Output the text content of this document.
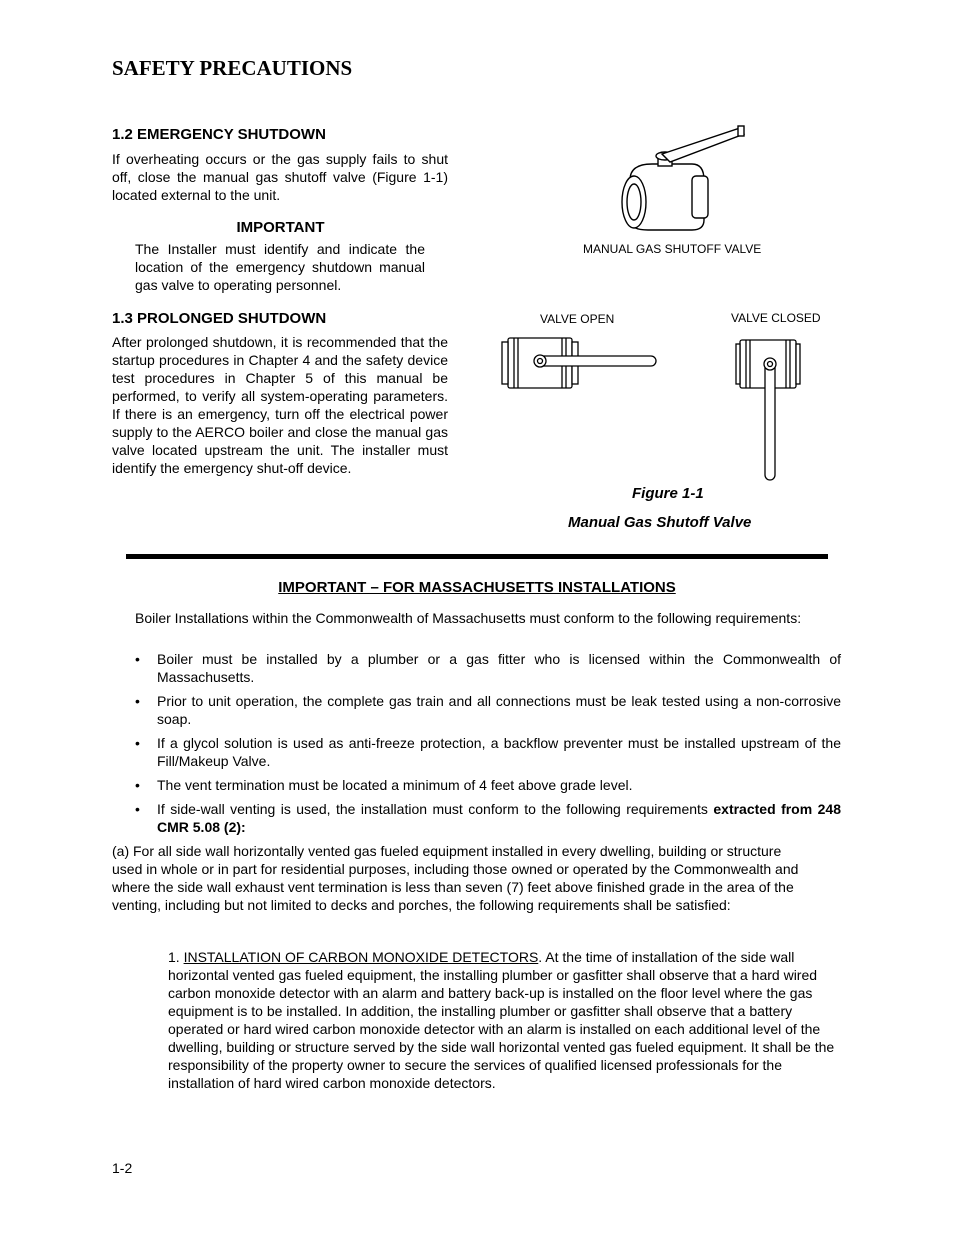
SAFETY PRECAUTIONS
1.2 EMERGENCY SHUTDOWN
If overheating occurs or the gas supply fails to shut off, close the manual gas shutoff valve (Figure 1-1) located external to the unit.
IMPORTANT
The Installer must identify and indicate the location of the emergency shutdown manual gas valve to operating personnel.
1.3 PROLONGED SHUTDOWN
After prolonged shutdown, it is recommended that the startup procedures in Chapter 4 and the safety device test procedures in Chapter 5 of this manual be performed, to verify all system-operating parameters. If there is an emergency, turn off the electrical power supply to the AERCO boiler and close the manual gas valve located upstream the unit. The installer must identify the emergency shut-off device.
MANUAL GAS SHUTOFF VALVE
VALVE OPEN	VALVE CLOSED
Figure 1-1
Manual Gas Shutoff Valve
IMPORTANT – FOR MASSACHUSETTS INSTALLATIONS
Boiler Installations within the Commonwealth of Massachusetts must conform to the following requirements:
• Boiler must be installed by a plumber or a gas fitter who is licensed within the Commonwealth of Massachusetts.
• Prior to unit operation, the complete gas train and all connections must be leak tested using a non-corrosive soap.
• If a glycol solution is used as anti-freeze protection, a backflow preventer must be installed upstream of the Fill/Makeup Valve.
• The vent termination must be located a minimum of 4 feet above grade level.
• If side-wall venting is used, the installation must conform to the following requirements extracted from 248 CMR 5.08 (2):
(a) For all side wall horizontally vented gas fueled equipment installed in every dwelling, building or structure used in whole or in part for residential purposes, including those owned or operated by the Commonwealth and where the side wall exhaust vent termination is less than seven (7) feet above finished grade in the area of the venting, including but not limited to decks and porches, the following requirements shall be satisfied:
1. INSTALLATION OF CARBON MONOXIDE DETECTORS. At the time of installation of the side wall horizontal vented gas fueled equipment, the installing plumber or gasfitter shall observe that a hard wired carbon monoxide detector with an alarm and battery back-up is installed on the floor level where the gas equipment is to be installed. In addition, the installing plumber or gasfitter shall observe that a battery operated or hard wired carbon monoxide detector with an alarm is installed on each additional level of the dwelling, building or structure served by the side wall horizontal vented gas fueled equipment. It shall be the responsibility of the property owner to secure the services of qualified licensed professionals for the installation of hard wired carbon monoxide detectors.
1-2
